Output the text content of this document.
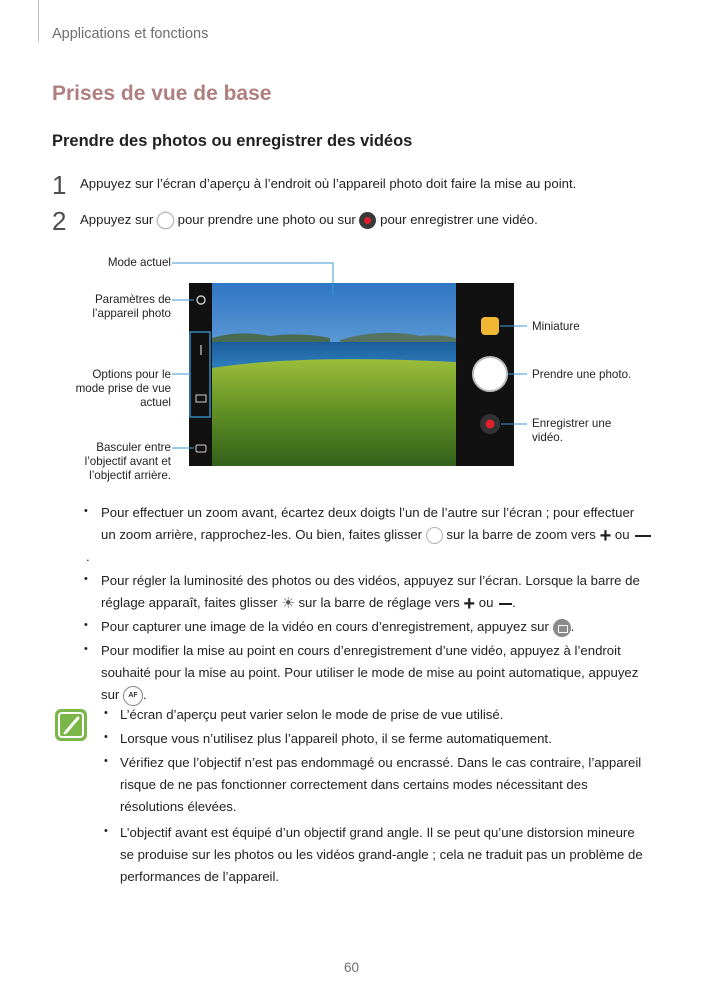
Applications et fonctions
Prises de vue de base
Prendre des photos ou enregistrer des vidéos
1 Appuyez sur l’écran d’aperçu à l’endroit où l’appareil photo doit faire la mise au point.
2 Appuyez sur  pour prendre une photo ou sur
pour enregistrer une vidéo.
Mode actuel
Paramètres de
l’appareil photo
Options pour le
mode prise de vue
actuel
Basculer entre
l’objectif avant et
l’objectif arrière.
Miniature
Prendre une photo.
Enregistrer une
vidéo.
• Pour effectuer un zoom avant, écartez deux doigts l’un de l’autre sur l’écran ; pour effectuer
un zoom arrière, rapprochez-les. Ou bien, faites glisser  sur la barre de zoom vers + ou
.
• Pour régler la luminosité des photos ou des vidéos, appuyez sur l’écran. Lorsque la barre de
réglage apparaît, faites glisser ☀ sur la barre de réglage vers + ou .
• Pour capturer une image de la vidéo en cours d’enregistrement, appuyez sur
.
• Pour modifier la mise au point en cours d’enregistrement d’une vidéo, appuyez à l’endroit
souhaité pour la mise au point. Pour utiliser le mode de mise au point automatique, appuyez
sur AF .
• L’écran d’aperçu peut varier selon le mode de prise de vue utilisé.
• Lorsque vous n’utilisez plus l’appareil photo, il se ferme automatiquement.
• Vérifiez que l’objectif n’est pas endommagé ou encrassé. Dans le cas contraire, l’appareil
risque de ne pas fonctionner correctement dans certains modes nécessitant des
résolutions élevées.
• L’objectif avant est équipé d’un objectif grand angle. Il se peut qu’une distorsion mineure
se produise sur les photos ou les vidéos grand-angle ; cela ne traduit pas un problème de
performances de l’appareil.
60
